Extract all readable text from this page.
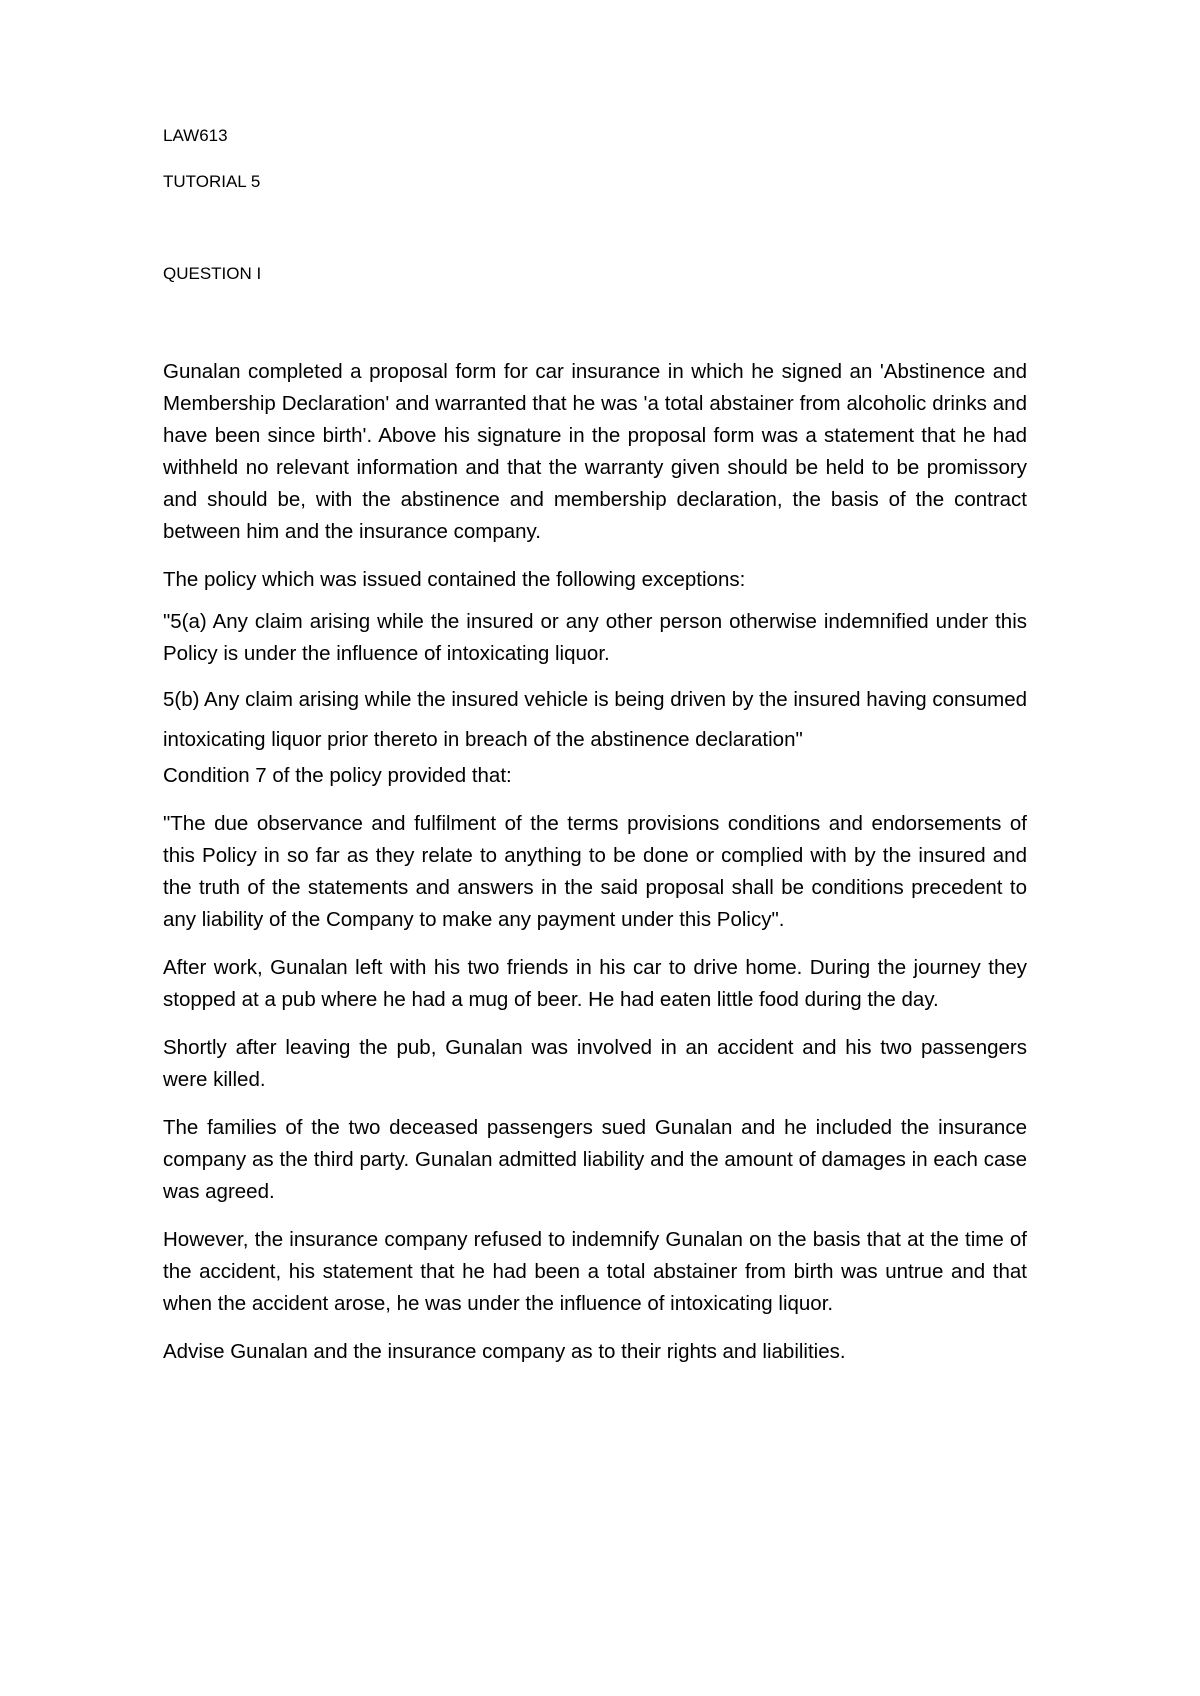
LAW613

TUTORIAL 5

QUESTION I

Gunalan completed a proposal form for car insurance in which he signed an 'Abstinence and Membership Declaration' and warranted that he was 'a total abstainer from alcoholic drinks and have been since birth'. Above his signature in the proposal form was a statement that he had withheld no relevant information and that the warranty given should be held to be promissory and should be, with the abstinence and membership declaration, the basis of the contract between him and the insurance company.

The policy which was issued contained the following exceptions:

"5(a) Any claim arising while the insured or any other person otherwise indemnified under this Policy is under the influence of intoxicating liquor.

5(b) Any claim arising while the insured vehicle is being driven by the insured having consumed intoxicating liquor prior thereto in breach of the abstinence declaration"

Condition 7 of the policy provided that:

"The due observance and fulfilment of the terms provisions conditions and endorsements of this Policy in so far as they relate to anything to be done or complied with by the insured and the truth of the statements and answers in the said proposal shall be conditions precedent to any liability of the Company to make any payment under this Policy".

After work, Gunalan left with his two friends in his car to drive home. During the journey they stopped at a pub where he had a mug of beer. He had eaten little food during the day.

Shortly after leaving the pub, Gunalan was involved in an accident and his two passengers were killed.

The families of the two deceased passengers sued Gunalan and he included the insurance company as the third party. Gunalan admitted liability and the amount of damages in each case was agreed.

However, the insurance company refused to indemnify Gunalan on the basis that at the time of the accident, his statement that he had been a total abstainer from birth was untrue and that when the accident arose, he was under the influence of intoxicating liquor.

Advise Gunalan and the insurance company as to their rights and liabilities.
